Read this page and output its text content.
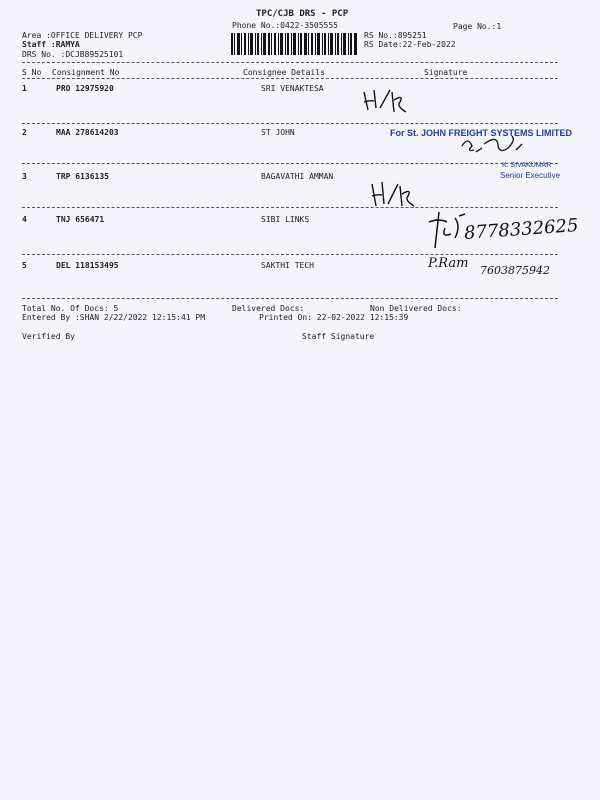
TPC/CJB DRS - PCP
Phone No.:0422-3505555	Page No.:1
Area :OFFICE DELIVERY PCP
Staff :RAMYA
DRS No. :DCJB89525101
RS No.:895251
RS Date:22-Feb-2022
S No Consignment No	Consignee Details	Signature
1	PRO 12975920	SRI VENAKTESA
2	MAA 278614203	ST JOHN
3	TRP 6136135	BAGAVATHI AMMAN
4	TNJ 656471	SIBI LINKS
5	DEL 118153495	SAKTHI TECH
For St. JOHN FREIGHT SYSTEMS LIMITED
K. SIVAKUMAR
Senior Executive
8778332625
P.Ram 7603875942
Total No. Of Docs: 5	Delivered Docs:	Non Delivered Docs:
Entered By :SHAN 2/22/2022 12:15:41 PM	Printed On: 22-02-2022 12:15:39
Verified By	Staff Signature
